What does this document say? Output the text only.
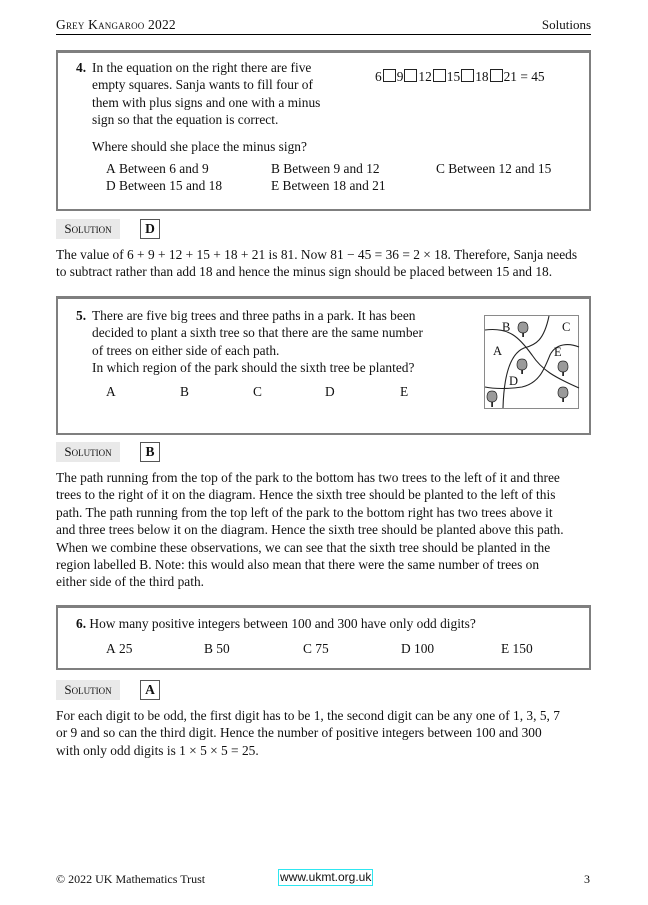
Grey Kangaroo 2022	Solutions
4. In the equation on the right there are five
empty squares. Sanja wants to fill four of
them with plus signs and one with a minus
sign so that the equation is correct.
Where should she place the minus sign?
6 9 12 15 18 21 = 45
A Between 6 and 9	B Between 9 and 12	C Between 12 and 15
D Between 15 and 18	E Between 18 and 21
Solution	D
The value of 6 + 9 + 12 + 15 + 18 + 21 is 81. Now 81 − 45 = 36 = 2 × 18. Therefore, Sanja needs
to subtract rather than add 18 and hence the minus sign should be placed between 15 and 18.
5. There are five big trees and three paths in a park. It has been
decided to plant a sixth tree so that there are the same number
of trees on either side of each path.
In which region of the park should the sixth tree be planted?
A	B	C	D	E
B	C
A	E
D
Solution	B
The path running from the top of the park to the bottom has two trees to the left of it and three
trees to the right of it on the diagram. Hence the sixth tree should be planted to the left of this
path. The path running from the top left of the park to the bottom right has two trees above it
and three trees below it on the diagram. Hence the sixth tree should be planted above this path.
When we combine these observations, we can see that the sixth tree should be planted in the
region labelled B. Note: this would also mean that there were the same number of trees on
either side of the third path.
6. How many positive integers between 100 and 300 have only odd digits?
A 25	B 50	C 75	D 100	E 150
Solution	A
For each digit to be odd, the first digit has to be 1, the second digit can be any one of 1, 3, 5, 7
or 9 and so can the third digit. Hence the number of positive integers between 100 and 300
with only odd digits is 1 × 5 × 5 = 25.
© 2022 UK Mathematics Trust	www.ukmt.org.uk	3
